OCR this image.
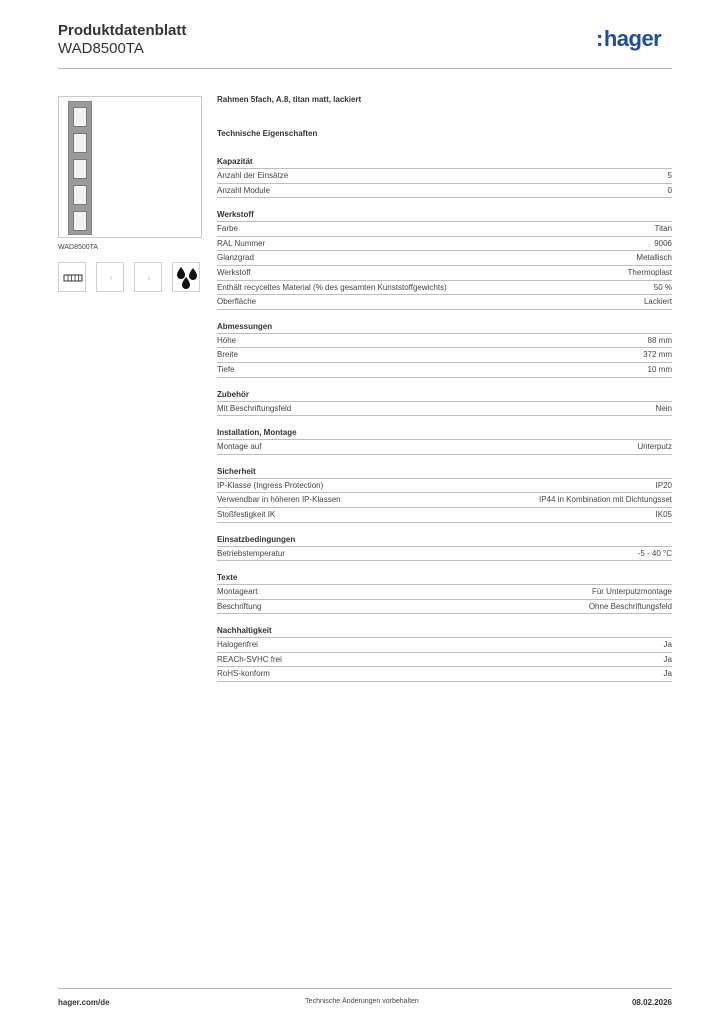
Produktdatenblatt
WAD8500TA	:hager
WAD8500TA
Rahmen 5fach, A.8, titan matt, lackiert
Technische Eigenschaften
Kapazität
Anzahl der Einsätze	5
Anzahl Module	0
Werkstoff
Farbe	Titan
RAL Nummer	9006
Glanzgrad	Metallisch
Werkstoff	Thermoplast
Enthält recyceltes Material (% des gesamten Kunststoffgewichts)	50 %
Oberfläche	Lackiert
Abmessungen
Höhe	88 mm
Breite	372 mm
Tiefe	10 mm
Zubehör
Mit Beschriftungsfeld	Nein
Installation, Montage
Montage auf	Unterputz
Sicherheit
IP-Klasse (Ingress Protection)	IP20
Verwendbar in höheren IP-Klassen	IP44 in Kombination mit Dichtungsset
Stoßfestigkeit IK	IK05
Einsatzbedingungen
Betriebstemperatur	-5 - 40 °C
Texte
Montageart	Für Unterputzmontage
Beschriftung	Ohne Beschriftungsfeld
Nachhaltigkeit
Halogenfrei	Ja
REACh-SVHC frei	Ja
RoHS-konform	Ja
hager.com/de	Technische Änderungen vorbehalten	08.02.2026
